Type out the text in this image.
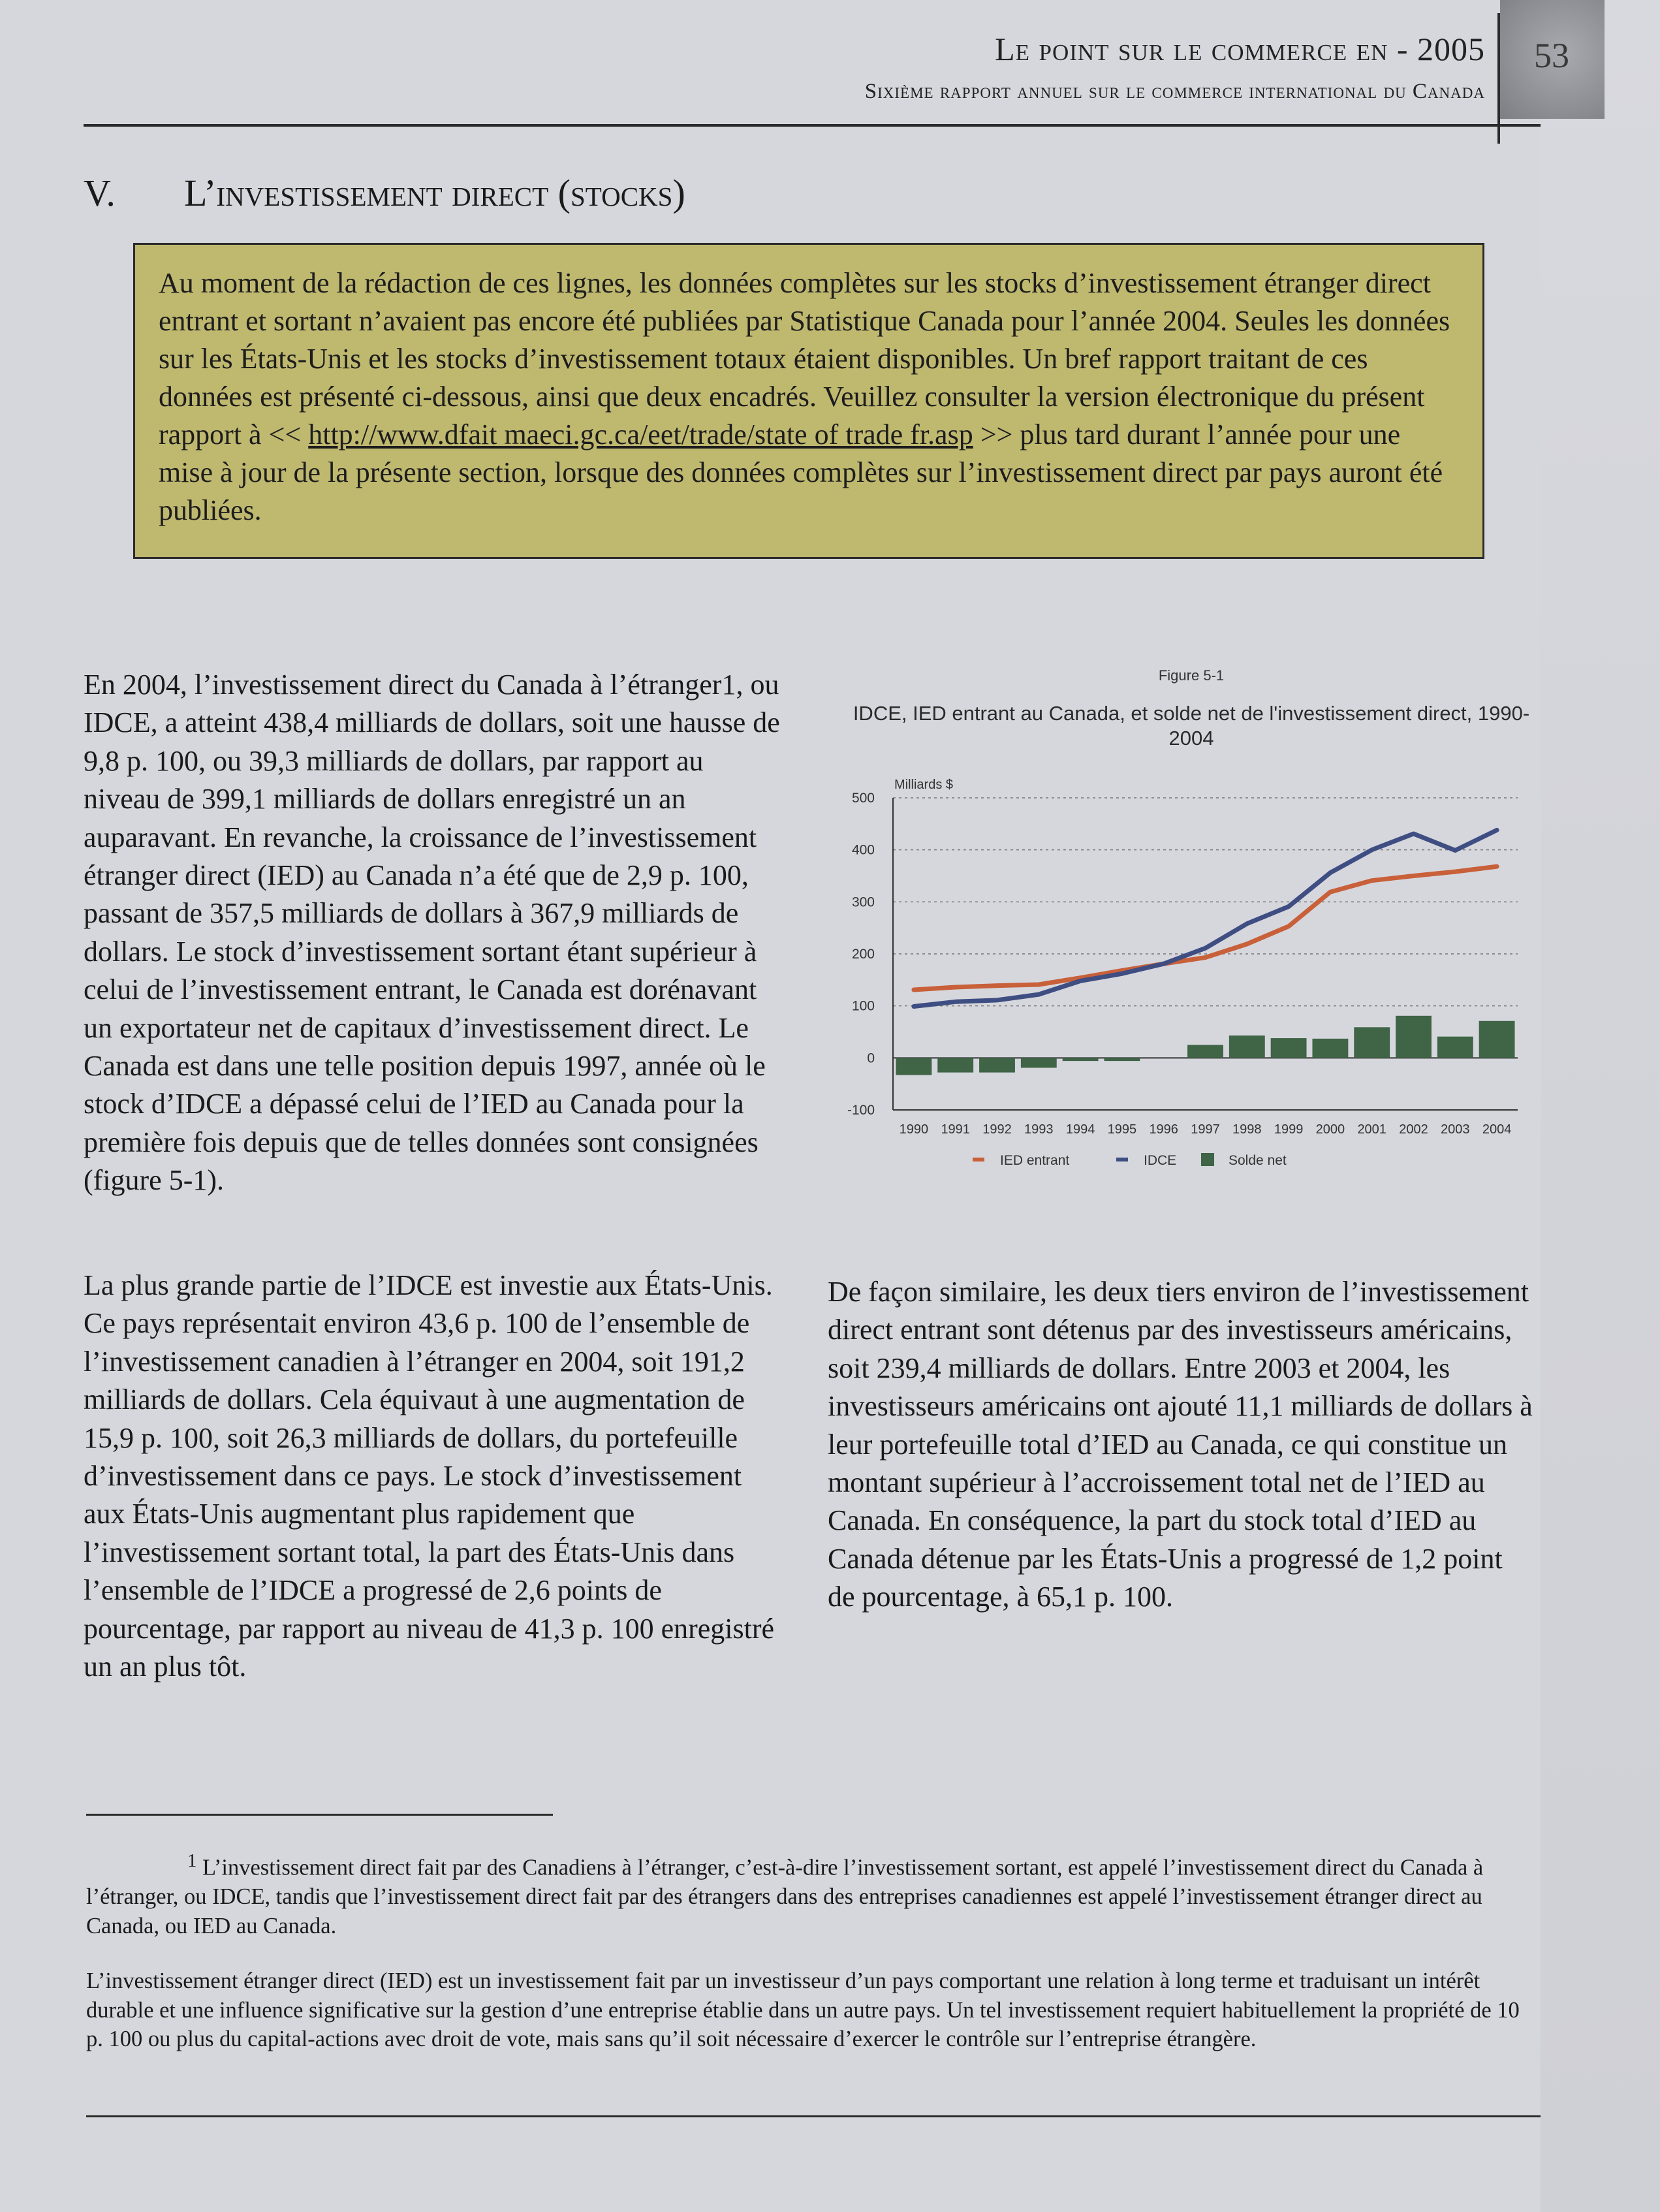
Le point sur le commerce en - 2005
Sixième rapport annuel sur le commerce international du Canada
53
V. L’investissement direct (stocks)
Au moment de la rédaction de ces lignes, les données complètes sur les stocks d’investissement étranger direct entrant et sortant n’avaient pas encore été publiées par Statistique Canada pour l’année 2004. Seules les données sur les États-Unis et les stocks d’investissement totaux étaient disponibles. Un bref rapport traitant de ces données est présenté ci-dessous, ainsi que deux encadrés. Veuillez consulter la version électronique du présent rapport à << http://www.dfait maeci.gc.ca/eet/trade/state of trade fr.asp >> plus tard durant l’année pour une mise à jour de la présente section, lorsque des données complètes sur l’investissement direct par pays auront été publiées.

En 2004, l’investissement direct du Canada à l’étranger1, ou IDCE, a atteint 438,4 milliards de dollars, soit une hausse de 9,8 p. 100, ou 39,3 milliards de dollars, par rapport au niveau de 399,1 milliards de dollars enregistré un an auparavant. En revanche, la croissance de l’investissement étranger direct (IED) au Canada n’a été que de 2,9 p. 100, passant de 357,5 milliards de dollars à 367,9 milliards de dollars. Le stock d’investissement sortant étant supérieur à celui de l’investissement entrant, le Canada est dorénavant un exportateur net de capitaux d’investissement direct. Le Canada est dans une telle position depuis 1997, année où le stock d’IDCE a dépassé celui de l’IED au Canada pour la première fois depuis que de telles données sont consignées (figure 5-1).

La plus grande partie de l’IDCE est investie aux États-Unis. Ce pays représentait environ 43,6 p. 100 de l’ensemble de l’investissement canadien à l’étranger en 2004, soit 191,2 milliards de dollars. Cela équivaut à une augmentation de 15,9 p. 100, soit 26,3 milliards de dollars, du portefeuille d’investissement dans ce pays. Le stock d’investissement aux États-Unis augmentant plus rapidement que l’investissement sortant total, la part des États-Unis dans l’ensemble de l’IDCE a progressé de 2,6 points de pourcentage, par rapport au niveau de 41,3 p. 100 enregistré un an plus tôt.

De façon similaire, les deux tiers environ de l’investissement direct entrant sont détenus par des investisseurs américains, soit 239,4 milliards de dollars. Entre 2003 et 2004, les investisseurs américains ont ajouté 11,1 milliards de dollars à leur portefeuille total d’IED au Canada, ce qui constitue un montant supérieur à l’accroissement total net de l’IED au Canada. En conséquence, la part du stock total d’IED au Canada détenue par les États-Unis a progressé de 1,2 point de pourcentage, à 65,1 p. 100.

Figure 5-1
IDCE, IED entrant au Canada, et solde net de l'investissement direct, 1990-2004
Milliards $
500
400
300
200
100
0
-100
1990 1991 1992 1993 1994 1995 1996 1997 1998 1999 2000 2001 2002 2003 2004
IED entrant	IDCE	Solde net

$^1$ L’investissement direct fait par des Canadiens à l’étranger, c’est-à-dire l’investissement sortant, est appelé l’investissement direct du Canada à l’étranger, ou IDCE, tandis que l’investissement direct fait par des étrangers dans des entreprises canadiennes est appelé l’investissement étranger direct au Canada, ou IED au Canada.

L’investissement étranger direct (IED) est un investissement fait par un investisseur d’un pays comportant une relation à long terme et traduisant un intérêt durable et une influence significative sur la gestion d’une entreprise établie dans un autre pays. Un tel investissement requiert habituellement la propriété de 10 p. 100 ou plus du capital-actions avec droit de vote, mais sans qu’il soit nécessaire d’exercer le contrôle sur l’entreprise étrangère.
